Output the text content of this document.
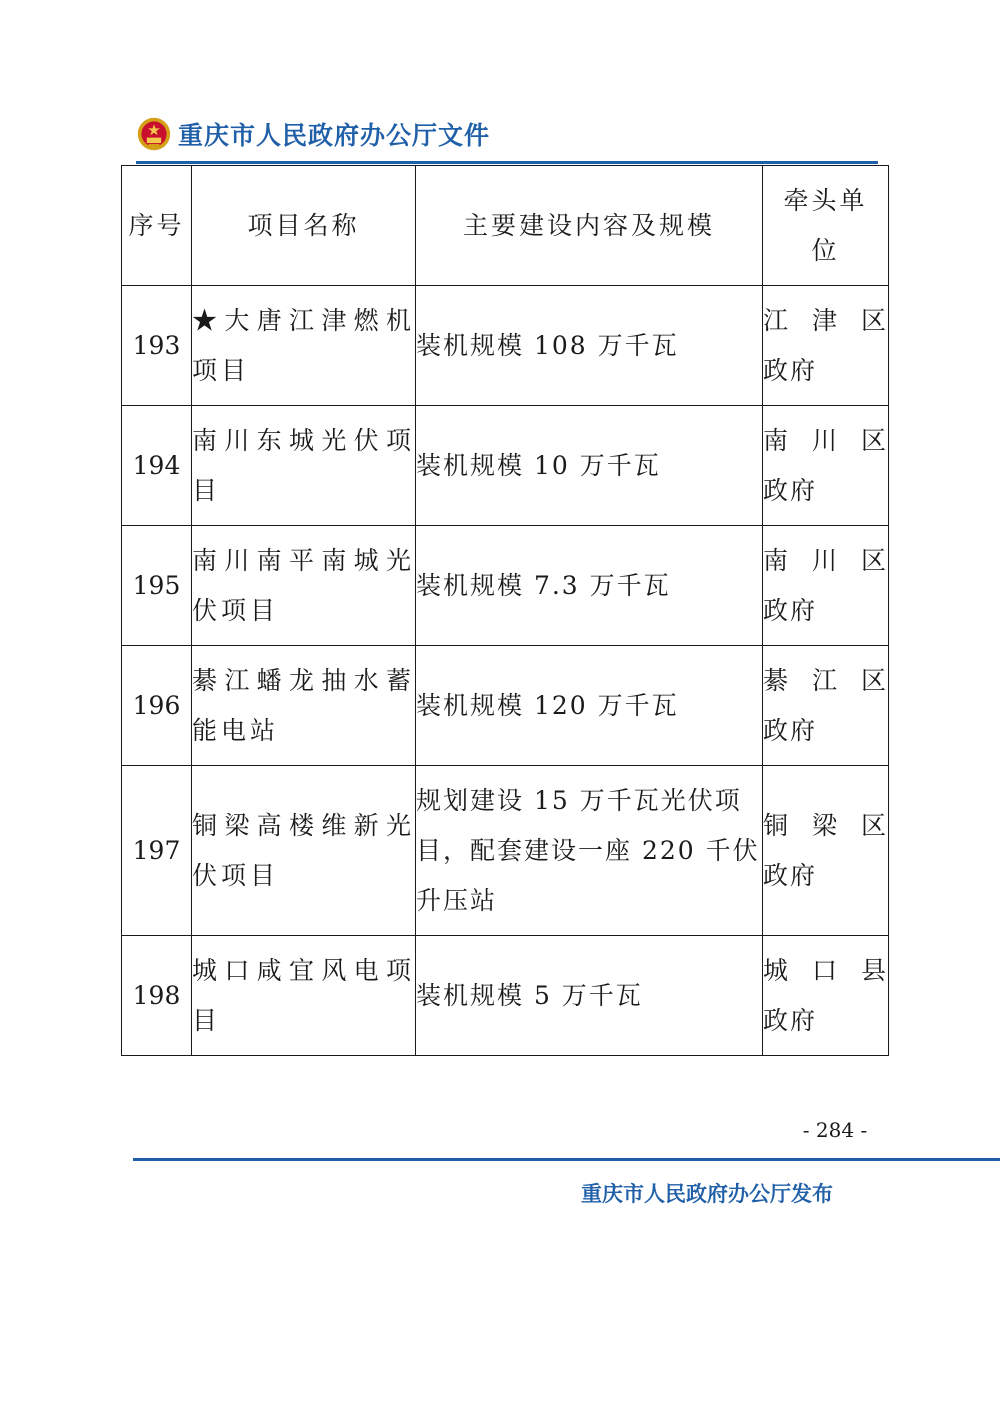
重庆市人民政府办公厅文件
序号	项目名称	主要建设内容及规模	牵头单
位

193	★大唐江津燃机项目	装机规模 108 万千瓦	江 津 区
政府

194	南川东城光伏项目	装机规模 10 万千瓦	南 川 区
政府

195	南川南平南城光伏项目	装机规模 7.3 万千瓦	南 川 区
政府

196	綦江蟠龙抽水蓄能电站	装机规模 120 万千瓦	綦 江 区
政府

197	铜梁高楼维新光伏项目	规划建设 15 万千瓦光伏项目，配套建设一座 220 千伏升压站	铜 梁 区
政府

198	城口咸宜风电项目	装机规模 5 万千瓦	城 口 县
政府
- 284 -
重庆市人民政府办公厅发布
